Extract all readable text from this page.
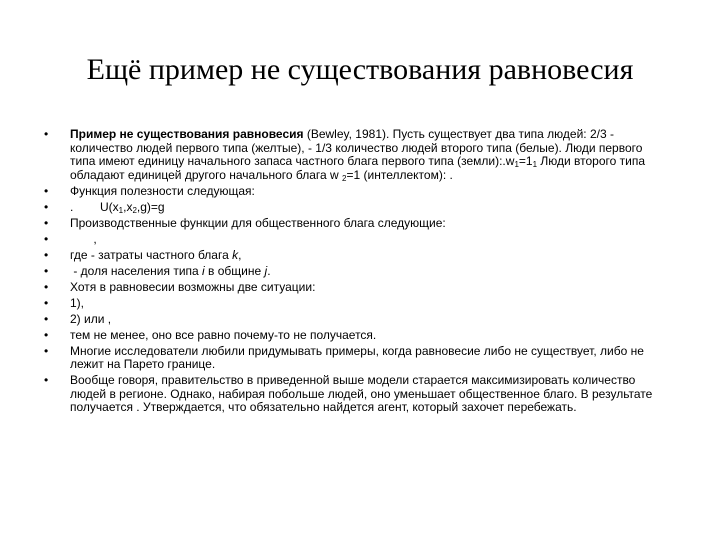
Ещё пример не существования равновесия
•	Пример не существования равновесия (Bewley, 1981). Пусть существует два типа людей: 2/3 - количество людей первого типа (желтые), - 1/3 количество людей второго типа (белые). Люди первого типа имеют единицу начального запаса частного блага первого типа $(земли):.w_1=1_1$ Люди второго типа обладают единицей другого начального блага w $_2$=1 (интеллектом): .
•	Функция полезности следующая:
•	.        $U(x_1,x_2,g)=g$
•	Производственные функции для общественного блага следующие:
•	,
•	где - затраты частного блага k,
•	- доля населения типа i в общине j.
•	Хотя в равновесии возможны две ситуации:
•	1),
•	2) или ,
•	тем не менее, оно все равно почему-то не получается.
•	Многие исследователи любили придумывать примеры, когда равновесие либо не существует, либо не лежит на Парето границе.
•	Вообще говоря, правительство в приведенной выше модели старается максимизировать количество людей в регионе. Однако, набирая побольше людей, оно уменьшает общественное благо. В результате получается . Утверждается, что обязательно найдется агент, который захочет перебежать.
